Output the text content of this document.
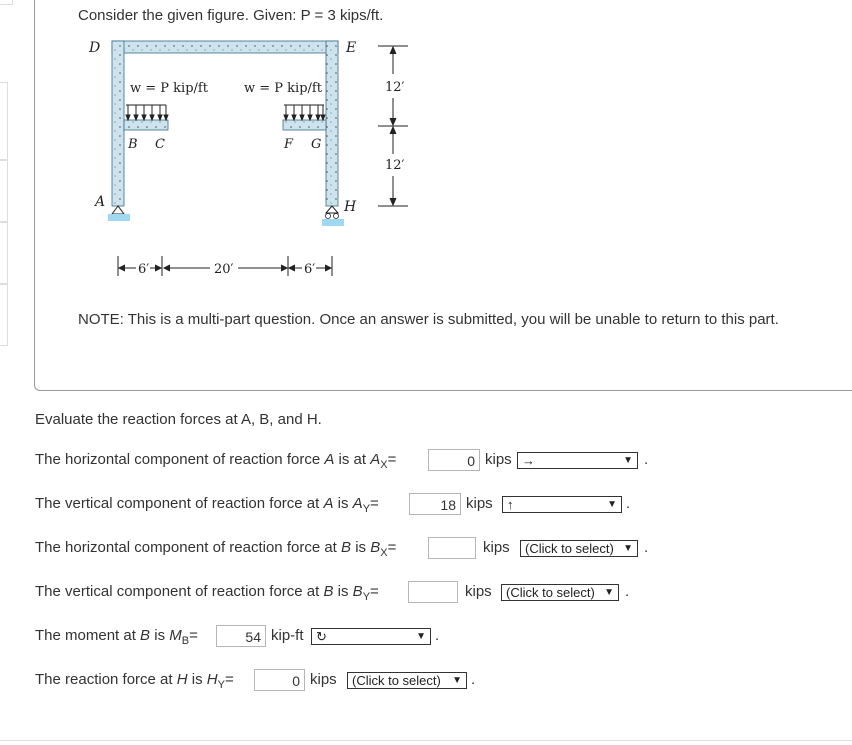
Consider the given figure. Given: P = 3 kips/ft.
D	E
A	H
B C	F G
w = P kip/ft	w = P kip/ft	12′
12′
6′	20′	6′
NOTE: This is a multi-part question. Once an answer is submitted, you will be unable to return to this part.
Evaluate the reaction forces at A, B, and H.
The horizontal component of reaction force A is at $A_X=$	0 kips →	▼ .
The vertical component of reaction force at A is $A_Y=$	18 kips	↑	▼ .
The horizontal component of reaction force at B is $B_X=$	kips	(Click to select) ▼ .
The vertical component of reaction force at B is $B_Y=$	kips	(Click to select) ▼ .
The moment at B is $M_B=$	54 kip-ft ↻	▼ .
The reaction force at H is $H_Y=$	0 kips	(Click to select) ▼ .
